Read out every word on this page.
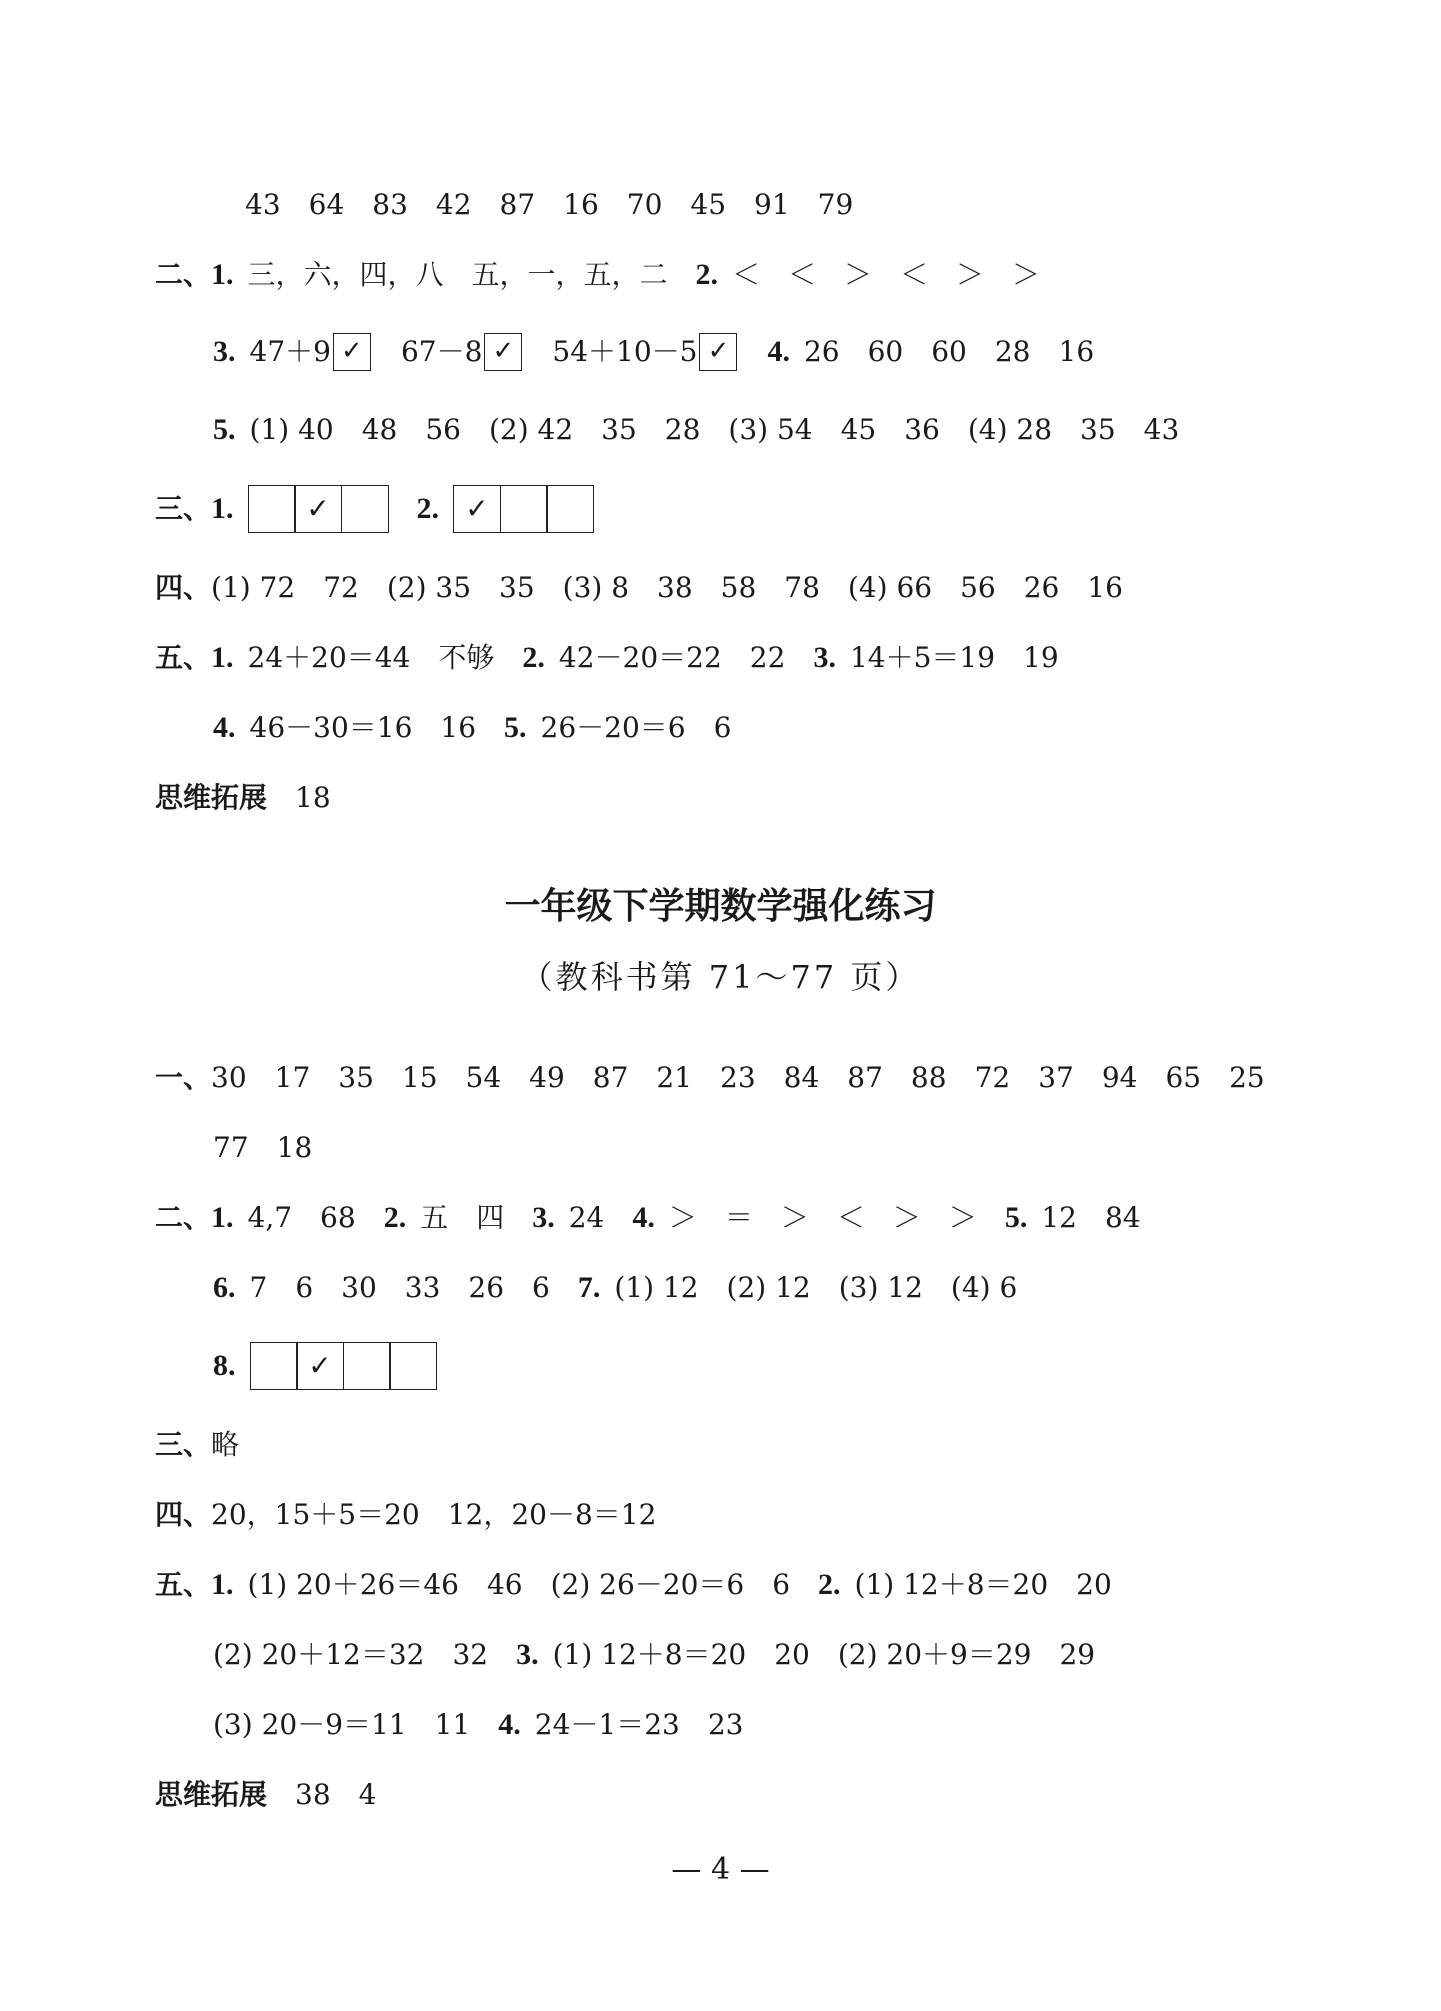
43　64　83　42　87　16　70　45　91　79
二、 1. 三，六，四，八　五，一，五，二 2. ＜　＜　＞　＜　＞　＞
3. 47＋9 ✓ 67－8 ✓ 54＋10－5 ✓ 4. 26　60　60　28　16
5. (1) 40　48　56　(2) 42　35　28　(3) 54　45　36　(4) 28　35　43
三、 1.	✓	2. ✓
四、 (1) 72　72　(2) 35　35　(3) 8　38　58　78　(4) 66　56　26　16
五、 1. 24＋20＝44　不够 2. 42－20＝22　22 3. 14＋5＝19　19
4. 46－30＝16　16 5. 26－20＝6　6
思维拓展 18
一年级下学期数学强化练习
（教科书第 71～77 页）
一、 30　17　35　15　54　49　87　21　23　84　87　88　72　37　94　65　25
77　18
二、 1. 4,7　68 2. 五　四 3. 24 4. ＞　＝　＞　＜　＞　＞ 5. 12　84
6. 7　6　30　33　26　6 7. (1) 12　(2) 12　(3) 12　(4) 6
8.	✓
三、 略
四、 20，15＋5＝20　12，20－8＝12
五、 1. (1) 20＋26＝46　46　(2) 26－20＝6　6 2. (1) 12＋8＝20　20
(2) 20＋12＝32　32 3. (1) 12＋8＝20　20　(2) 20＋9＝29　29
(3) 20－9＝11　11 4. 24－1＝23　23
思维拓展 38　4
— 4 —
